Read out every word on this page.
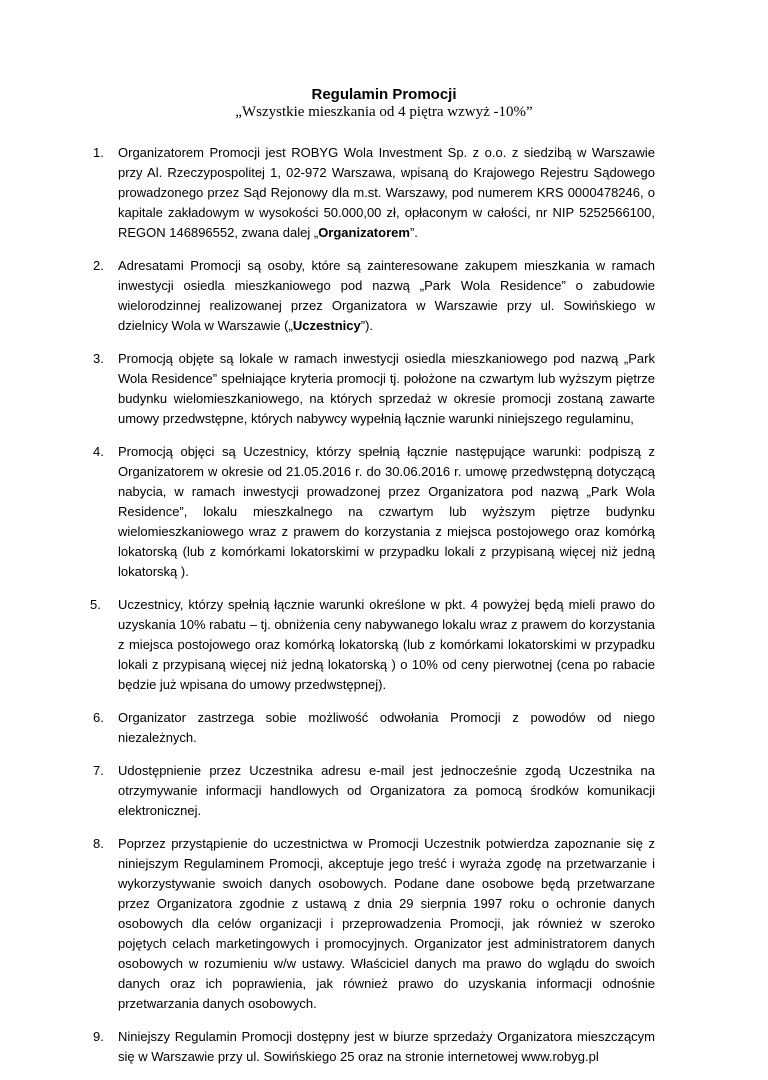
Regulamin Promocji
„Wszystkie mieszkania od 4 piętra wzwyż -10%”
1. Organizatorem Promocji jest ROBYG Wola Investment Sp. z o.o. z siedzibą w Warszawie przy Al. Rzeczypospolitej 1, 02-972 Warszawa, wpisaną do Krajowego Rejestru Sądowego prowadzonego przez Sąd Rejonowy dla m.st. Warszawy, pod numerem KRS 0000478246, o kapitale zakładowym w wysokości 50.000,00 zł, opłaconym w całości, nr NIP 5252566100, REGON 146896552, zwana dalej „Organizatorem”.
2. Adresatami Promocji są osoby, które są zainteresowane zakupem mieszkania w ramach inwestycji osiedla mieszkaniowego pod nazwą „Park Wola Residence” o zabudowie wielorodzinnej realizowanej przez Organizatora w Warszawie przy ul. Sowińskiego w dzielnicy Wola w Warszawie („Uczestnicy”).
3. Promocją objęte są lokale w ramach inwestycji osiedla mieszkaniowego pod nazwą „Park Wola Residence” spełniające kryteria promocji tj. położone na czwartym lub wyższym piętrze budynku wielomieszkaniowego, na których sprzedaż w okresie promocji zostaną zawarte umowy przedwstępne, których nabywcy wypełnią łącznie warunki niniejszego regulaminu,
4. Promocją objęci są Uczestnicy, którzy spełnią łącznie następujące warunki: podpiszą z Organizatorem w okresie od 21.05.2016 r. do 30.06.2016 r. umowę przedwstępną dotyczącą nabycia, w ramach inwestycji prowadzonej przez Organizatora pod nazwą „Park Wola Residence”, lokalu mieszkalnego na czwartym lub wyższym piętrze budynku wielomieszkaniowego wraz z prawem do korzystania z miejsca postojowego oraz komórką lokatorską (lub z komórkami lokatorskimi w przypadku lokali z przypisaną więcej niż jedną lokatorską ).
5. Uczestnicy, którzy spełnią łącznie warunki określone w pkt. 4 powyżej będą mieli prawo do uzyskania 10% rabatu – tj. obniżenia ceny nabywanego lokalu wraz z prawem do korzystania z miejsca postojowego oraz komórką lokatorską (lub z komórkami lokatorskimi w przypadku lokali z przypisaną więcej niż jedną lokatorską ) o 10% od ceny pierwotnej (cena po rabacie będzie już wpisana do umowy przedwstępnej).
6. Organizator zastrzega sobie możliwość odwołania Promocji z powodów od niego niezależnych.
7. Udostępnienie przez Uczestnika adresu e-mail jest jednocześnie zgodą Uczestnika na otrzymywanie informacji handlowych od Organizatora za pomocą środków komunikacji elektronicznej.
8. Poprzez przystąpienie do uczestnictwa w Promocji Uczestnik potwierdza zapoznanie się z niniejszym Regulaminem Promocji, akceptuje jego treść i wyraża zgodę na przetwarzanie i wykorzystywanie swoich danych osobowych. Podane dane osobowe będą przetwarzane przez Organizatora zgodnie z ustawą z dnia 29 sierpnia 1997 roku o ochronie danych osobowych dla celów organizacji i przeprowadzenia Promocji, jak również w szeroko pojętych celach marketingowych i promocyjnych. Organizator jest administratorem danych osobowych w rozumieniu w/w ustawy. Właściciel danych ma prawo do wglądu do swoich danych oraz ich poprawienia, jak również prawo do uzyskania informacji odnośnie przetwarzania danych osobowych.
9. Niniejszy Regulamin Promocji dostępny jest w biurze sprzedaży Organizatora mieszczącym się w Warszawie przy ul. Sowińskiego 25 oraz na stronie internetowej www.robyg.pl
